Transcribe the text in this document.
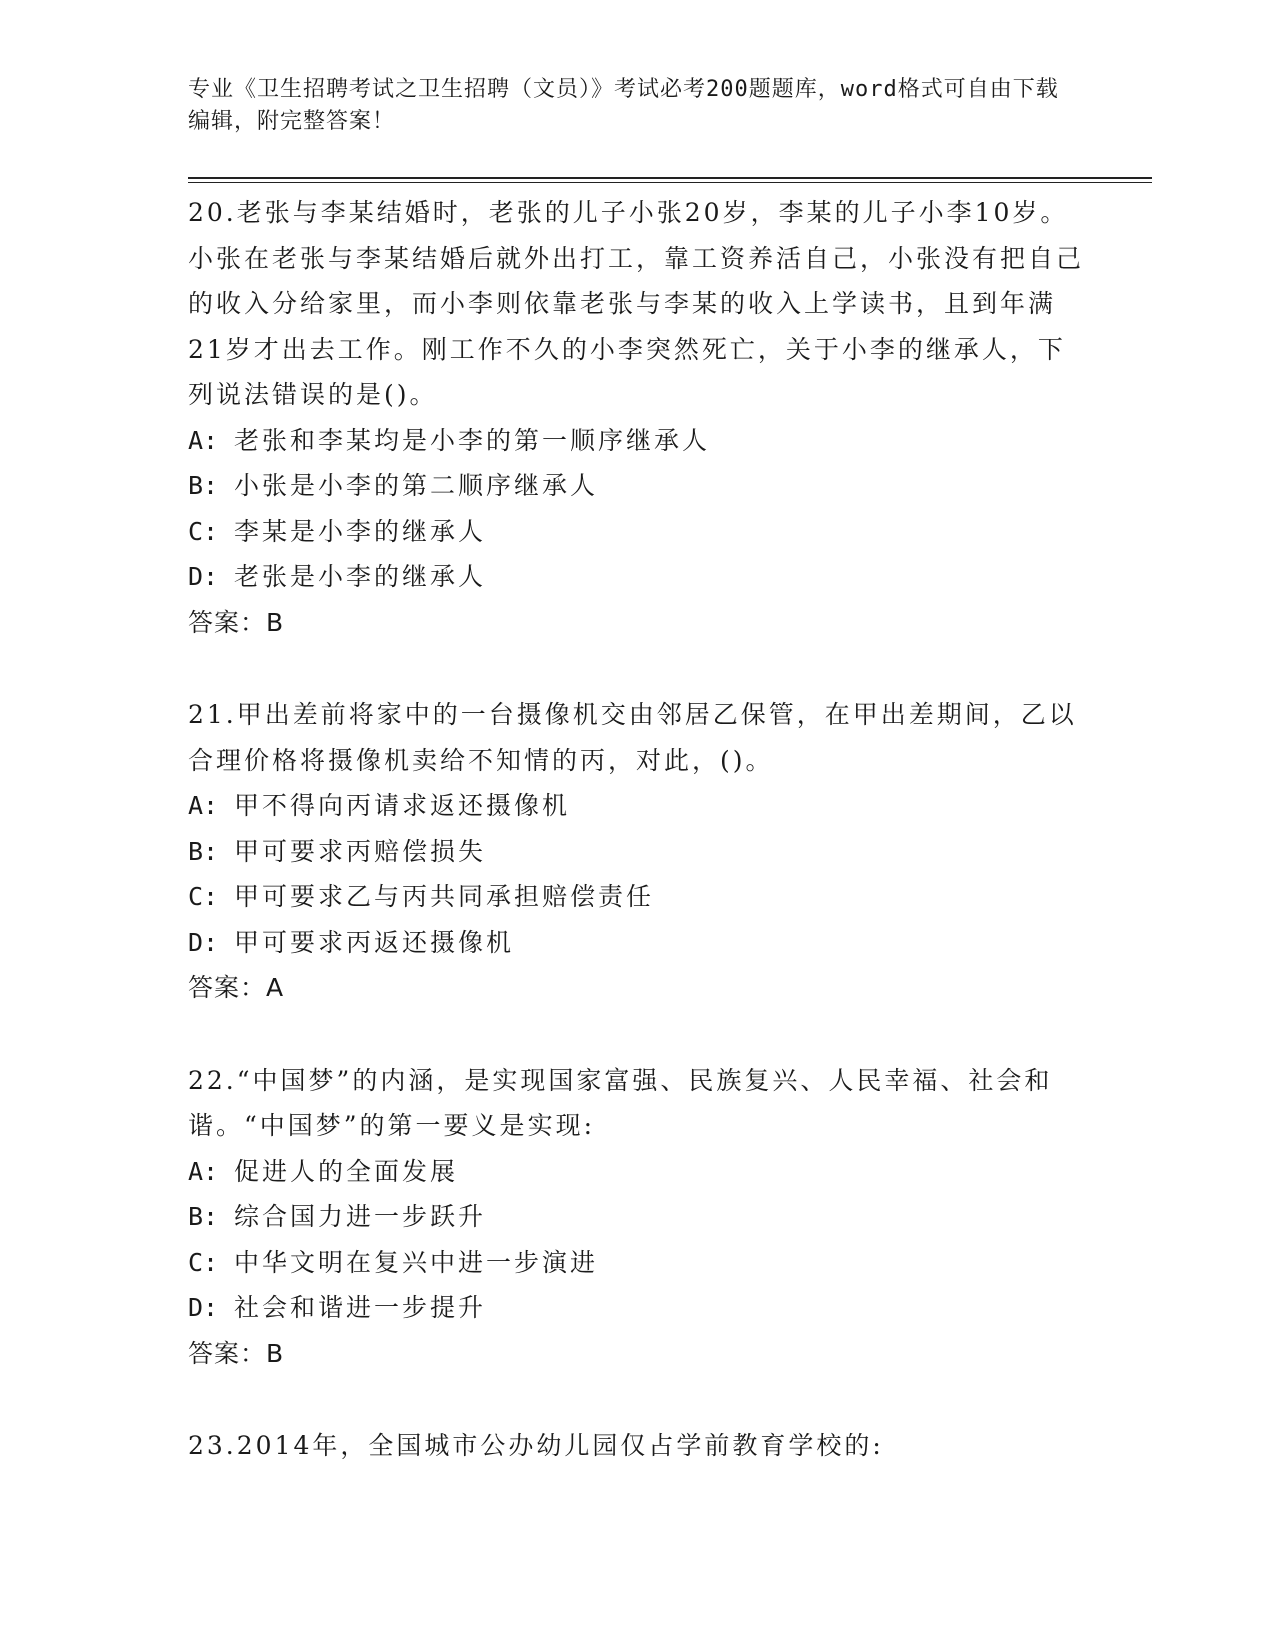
专业《卫生招聘考试之卫生招聘（文员）》考试必考200题题库，word格式可自由下载编辑，附完整答案！

20.老张与李某结婚时，老张的儿子小张20岁，李某的儿子小李10岁。小张在老张与李某结婚后就外出打工，靠工资养活自己，小张没有把自己的收入分给家里，而小李则依靠老张与李某的收入上学读书，且到年满21岁才出去工作。刚工作不久的小李突然死亡，关于小李的继承人，下列说法错误的是()。

A: 老张和李某均是小李的第一顺序继承人

B: 小张是小李的第二顺序继承人

C: 李某是小李的继承人

D: 老张是小李的继承人

答案：B

21.甲出差前将家中的一台摄像机交由邻居乙保管，在甲出差期间，乙以合理价格将摄像机卖给不知情的丙，对此，()。

A: 甲不得向丙请求返还摄像机

B: 甲可要求丙赔偿损失

C: 甲可要求乙与丙共同承担赔偿责任

D: 甲可要求丙返还摄像机

答案：A

22.“中国梦”的内涵，是实现国家富强、民族复兴、人民幸福、社会和谐。“中国梦”的第一要义是实现:

A: 促进人的全面发展

B: 综合国力进一步跃升

C: 中华文明在复兴中进一步演进

D: 社会和谐进一步提升

答案：B

23.2014年，全国城市公办幼儿园仅占学前教育学校的:
